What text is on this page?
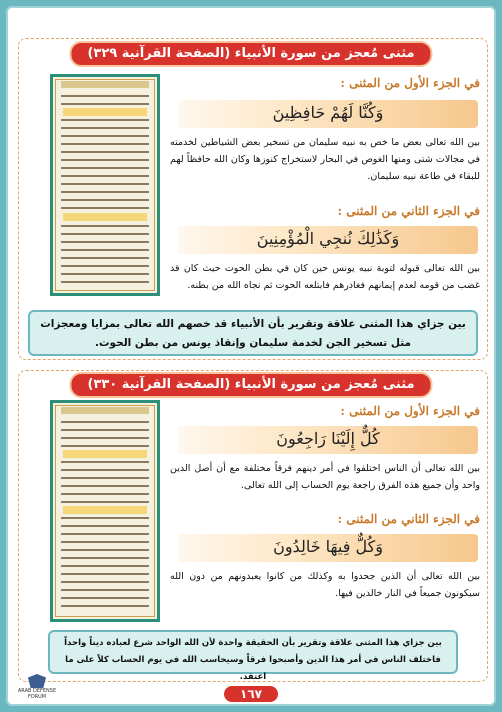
مثنى مُعجز من سورة الأنبياء (الصفحة القرآنية ٣٢٩)
في الجزء الأول من المثنى :
وَكُنَّا لَهُمْ حَافِظِينَ
بين الله تعالى بعض ما خص به نبيه سليمان من تسخير بعض الشياطين لخدمته في مجالات شتى ومنها الغوص في البحار لاستخراج كنوزها وكان الله حافظاً لهم للبقاء في طاعة نبيه سليمان.
في الجزء الثاني من المثنى :
وَكَذَٰلِكَ نُنجِي الْمُؤْمِنِينَ
بين الله تعالى قبوله لتوبة نبيه يونس حين كان في بطن الحوت حيث كان قد غضب من قومه لعدم إيمانهم فغادرهم فابتلعه الحوت ثم نجاه الله من بطنه.
بين جزاي هذا المثنى علاقة وتقرير بأن الأنبياء قد خصهم الله تعالى بمزايا ومعجزات مثل تسخير الجن لخدمة سليمان وإنقاذ يونس من بطن الحوت.
مثنى مُعجز من سورة الأنبياء (الصفحة القرآنية ٣٣٠)
في الجزء الأول من المثنى :
كُلٌّ إِلَيْنَا رَاجِعُونَ
بين الله تعالى أن الناس اختلفوا في أمر دينهم فرقاً مختلفة مع أن أصل الدين واحد وأن جميع هذه الفرق راجعة يوم الحساب إلى الله تعالى.
في الجزء الثاني من المثنى :
وَكُلٌّ فِيهَا خَالِدُونَ
بين الله تعالى أن الذين جحدوا به وكذلك من كانوا يعبدونهم من دون الله سيكونون جميعاً في النار خالدين فيها.
بين جزاي هذا المثنى علاقة وتقرير بأن الحقيقة واحدة لأن الله الواحد شرع لعباده ديناً واحداً
فاختلف الناس في أمر هذا الدين وأصبحوا فرقاً وسيحاسب الله في يوم الحساب كلاً على ما اعتقد.
١٦٧
ARAB DEFENSE FORUM
